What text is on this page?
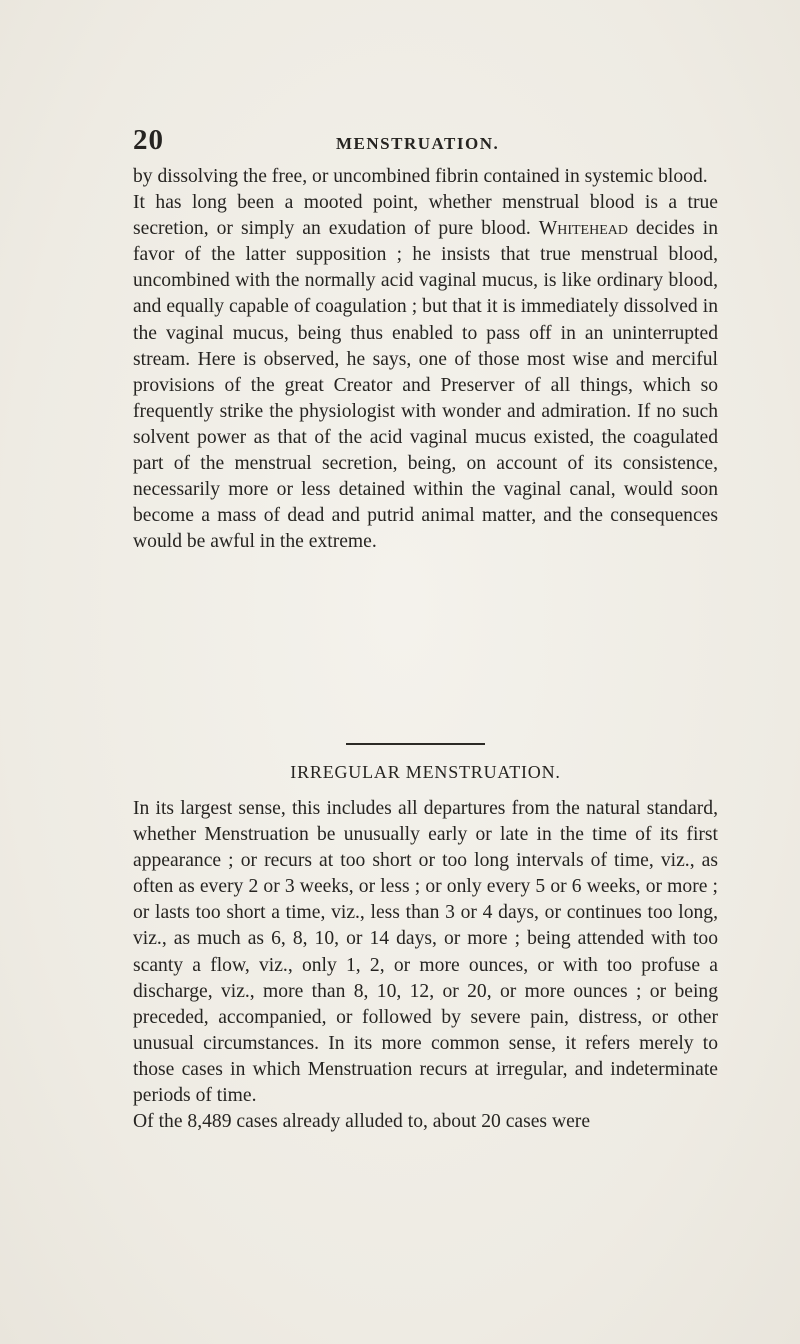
20	MENSTRUATION.

by dissolving the free, or uncombined fibrin contained in systemic blood.

It has long been a mooted point, whether menstrual blood is a true secretion, or simply an exudation of pure blood. Whitehead decides in favor of the latter supposition ; he insists that true menstrual blood, uncombined with the normally acid vaginal mucus, is like ordinary blood, and equally capable of coagulation ; but that it is immediately dissolved in the vaginal mucus, being thus enabled to pass off in an uninterrupted stream. Here is observed, he says, one of those most wise and merciful provisions of the great Creator and Preserver of all things, which so frequently strike the physiologist with wonder and admiration. If no such solvent power as that of the acid vaginal mucus existed, the coagulated part of the menstrual secretion, being, on account of its consistence, necessarily more or less detained within the vaginal canal, would soon become a mass of dead and putrid animal matter, and the consequences would be awful in the extreme.

IRREGULAR MENSTRUATION.

In its largest sense, this includes all departures from the natural standard, whether Menstruation be unusually early or late in the time of its first appearance ; or recurs at too short or too long intervals of time, viz., as often as every 2 or 3 weeks, or less ; or only every 5 or 6 weeks, or more ; or lasts too short a time, viz., less than 3 or 4 days, or continues too long, viz., as much as 6, 8, 10, or 14 days, or more ; being attended with too scanty a flow, viz., only 1, 2, or more ounces, or with too profuse a discharge, viz., more than 8, 10, 12, or 20, or more ounces ; or being preceded, accompanied, or followed by severe pain, distress, or other unusual circumstances. In its more common sense, it refers merely to those cases in which Menstruation recurs at irregular, and indeterminate periods of time.

Of the 8,489 cases already alluded to, about 20 cases were
